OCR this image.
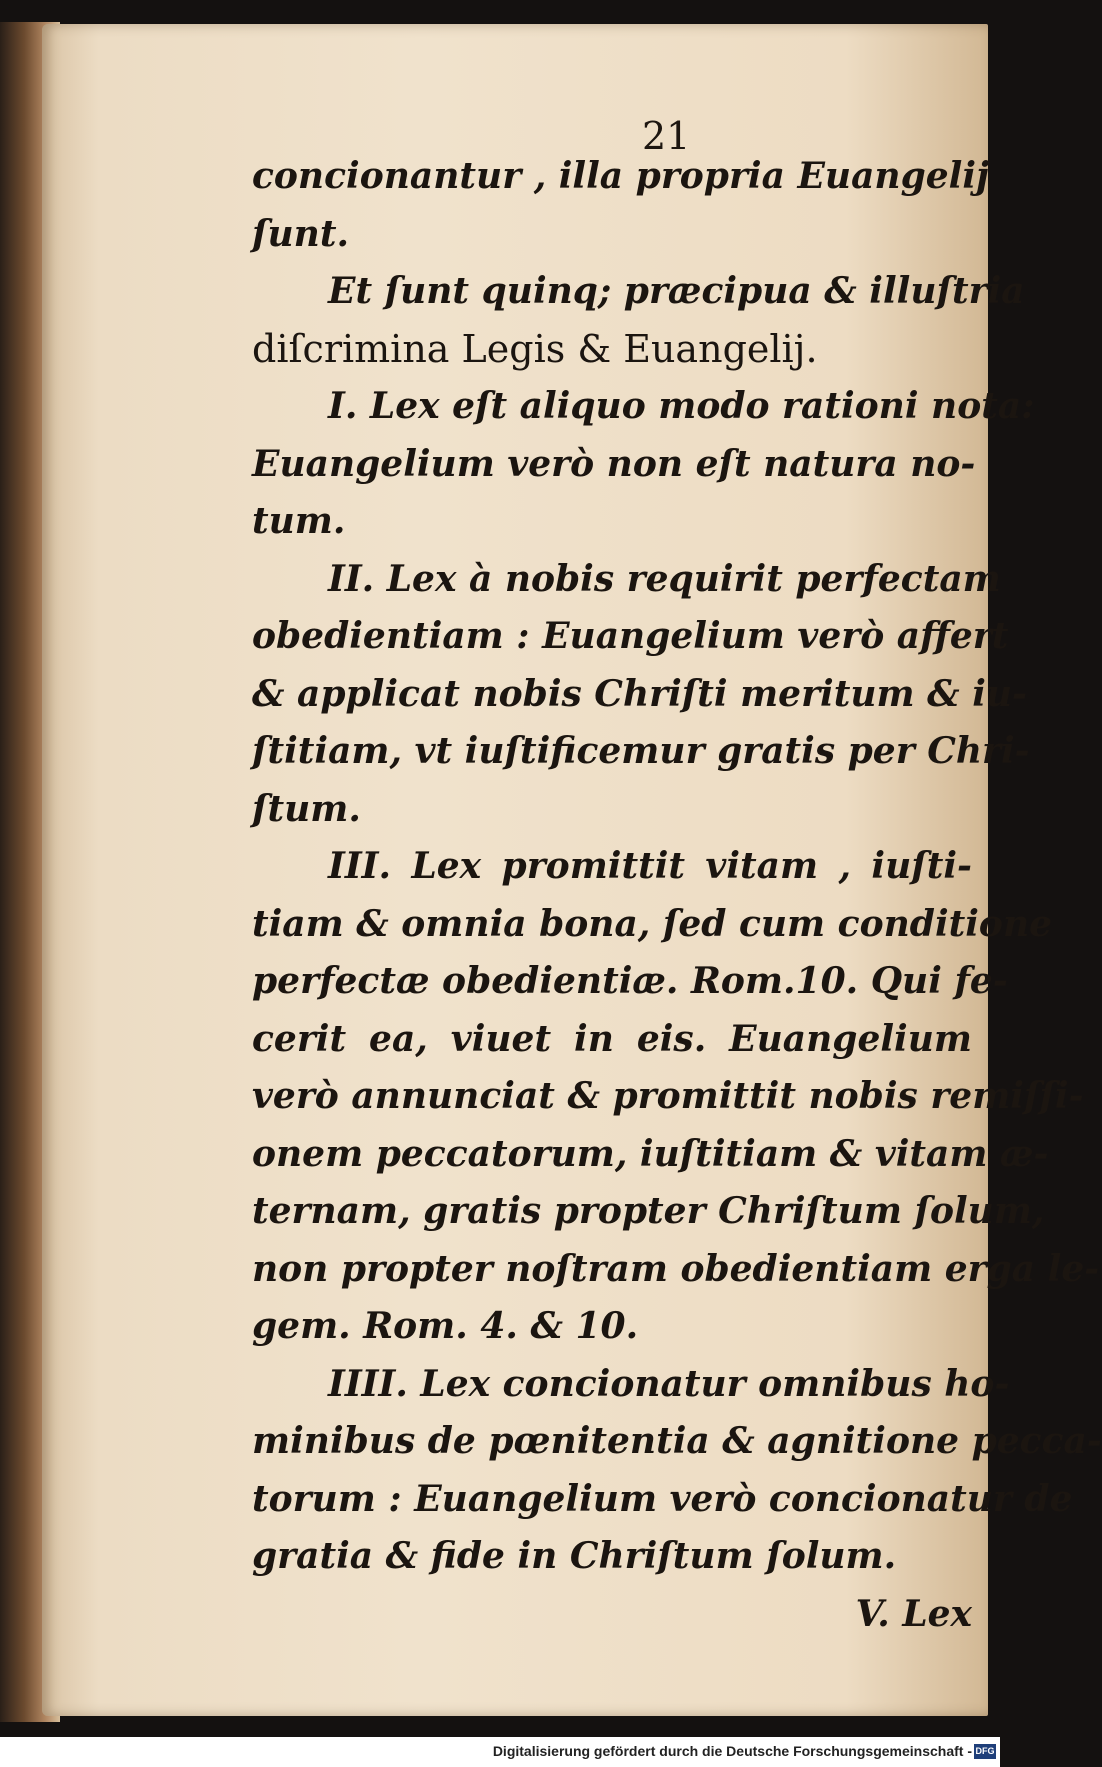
21
concionantur , illa propria Euangelij
ſunt.
Et ſunt quinq; præcipua & illuſtria
diſcrimina Legis & Euangelij.
I. Lex eſt aliquo modo rationi nota:
Euangelium verò non eſt natura no-
tum.
II. Lex à nobis requirit perfectam
obedientiam : Euangelium verò affert
& applicat nobis Chriſti meritum & iu-
ſtitiam, vt iuſtificemur gratis per Chri-
ſtum.
III. Lex promittit vitam , iuſti-
tiam & omnia bona, ſed cum conditione
perfectæ obedientiæ. Rom.10. Qui fe-
cerit ea, viuet in eis. Euangelium
verò annunciat & promittit nobis remiſſi-
onem peccatorum, iuſtitiam & vitam æ-
ternam, gratis propter Chriſtum ſolum,
non propter noſtram obedientiam erga le-
gem. Rom. 4. & 10.
IIII. Lex concionatur omnibus ho-
minibus de pœnitentia & agnitione pecca-
torum : Euangelium verò concionatur de
gratia & fide in Chriſtum ſolum.
V. Lex
Digitalisierung gefördert durch die Deutsche Forschungsgemeinschaft - DFG
